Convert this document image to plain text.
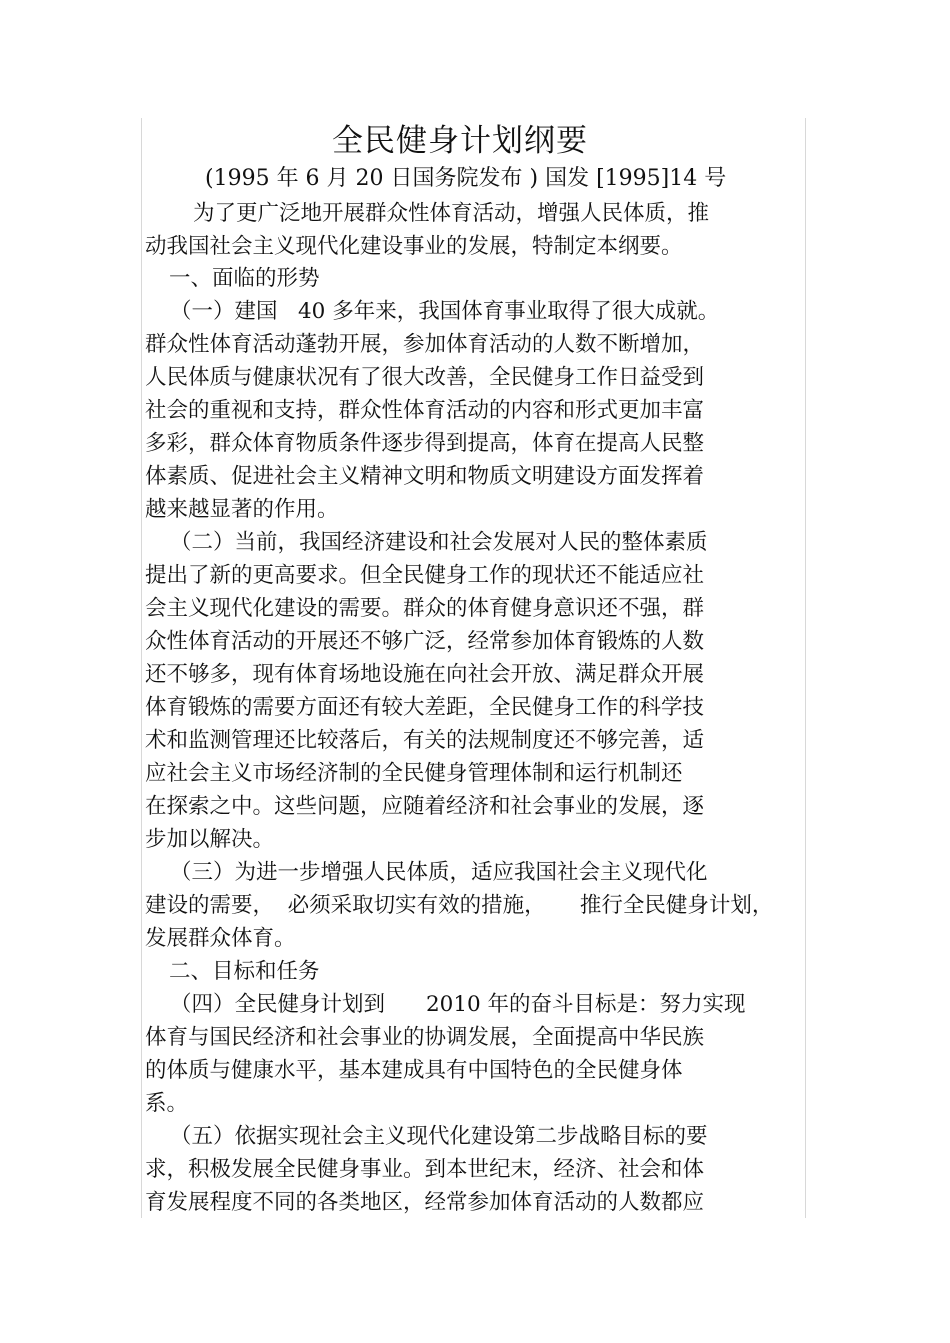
全民健身计划纲要
(1995 年 6 月 20 日国务院发布 ) 国发 [1995]14 号
为了更广泛地开展群众性体育活动，增强人民体质，推
动我国社会主义现代化建设事业的发展，特制定本纲要。
一、面临的形势
（一）建国   40 多年来，我国体育事业取得了很大成就。
群众性体育活动蓬勃开展，参加体育活动的人数不断增加，
人民体质与健康状况有了很大改善，全民健身工作日益受到
社会的重视和支持，群众性体育活动的内容和形式更加丰富
多彩，群众体育物质条件逐步得到提高，体育在提高人民整
体素质、促进社会主义精神文明和物质文明建设方面发挥着
越来越显著的作用。
（二）当前，我国经济建设和社会发展对人民的整体素质
提出了新的更高要求。但全民健身工作的现状还不能适应社
会主义现代化建设的需要。群众的体育健身意识还不强，群
众性体育活动的开展还不够广泛，经常参加体育锻炼的人数
还不够多，现有体育场地设施在向社会开放、满足群众开展
体育锻炼的需要方面还有较大差距，全民健身工作的科学技
术和监测管理还比较落后，有关的法规制度还不够完善，适
应社会主义市场经济制的全民健身管理体制和运行机制还
在探索之中。这些问题，应随着经济和社会事业的发展，逐
步加以解决。
（三）为进一步增强人民体质，适应我国社会主义现代化
建设的需要，  必须采取切实有效的措施，     推行全民健身计划，
发展群众体育。
二、目标和任务
（四）全民健身计划到      2010 年的奋斗目标是：努力实现
体育与国民经济和社会事业的协调发展，全面提高中华民族
的体质与健康水平，基本建成具有中国特色的全民健身体
系。
（五）依据实现社会主义现代化建设第二步战略目标的要
求，积极发展全民健身事业。到本世纪末，经济、社会和体
育发展程度不同的各类地区，经常参加体育活动的人数都应
